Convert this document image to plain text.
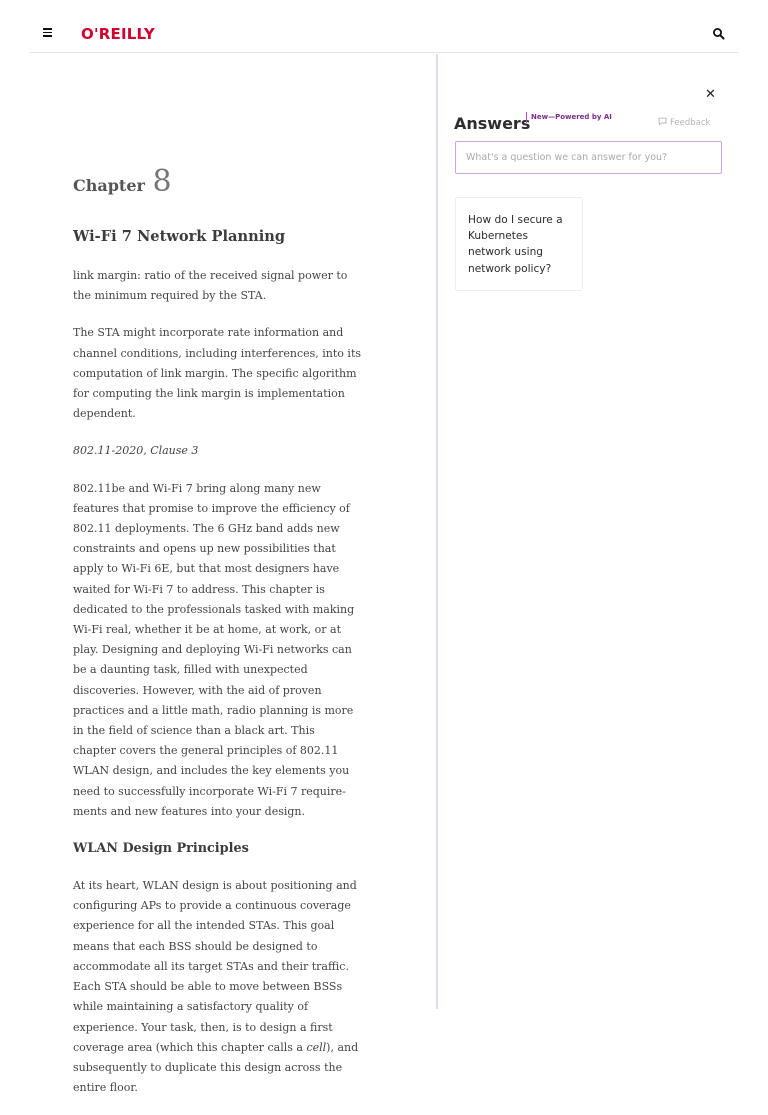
O'REILLY
Chapter 8
Wi-Fi 7 Network Planning

link margin: ratio of the received signal power to the minimum required by the STA.

The STA might incorporate rate information and channel conditions, including interferences, into its computation of link margin. The specific algorithm for computing the link margin is implementation dependent.

802.11-2020, Clause 3

802.11be and Wi-Fi 7 bring along many new features that promise to improve the efficiency of 802.11 deployments. The 6 GHz band adds new constraints and opens up new possibilities that apply to Wi-Fi 6E, but that most designers have waited for Wi-Fi 7 to address. This chapter is dedicated to the professionals tasked with making Wi-Fi real, whether it be at home, at work, or at play. Designing and deploying Wi-Fi networks can be a daunting task, filled with unexpected discoveries. However, with the aid of proven practices and a little math, radio planning is more in the field of science than a black art. This chapter covers the general principles of 802.11 WLAN design, and includes the key elements you need to successfully incorporate Wi-Fi 7 requirements and new features into your design.

WLAN Design Principles

At its heart, WLAN design is about positioning and configuring APs to provide a continuous coverage experience for all the intended STAs. This goal means that each BSS should be designed to accommodate all its target STAs and their traffic. Each STA should be able to move between BSSs while maintaining a satisfactory quality of experience. Your task, then, is to design a first coverage area (which this chapter calls a cell), and subsequently to duplicate this design across the entire floor.

✕
Answers New—Powered by AI
Feedback
What's a question we can answer for you?
How do I secure a Kubernetes network using network policy?
